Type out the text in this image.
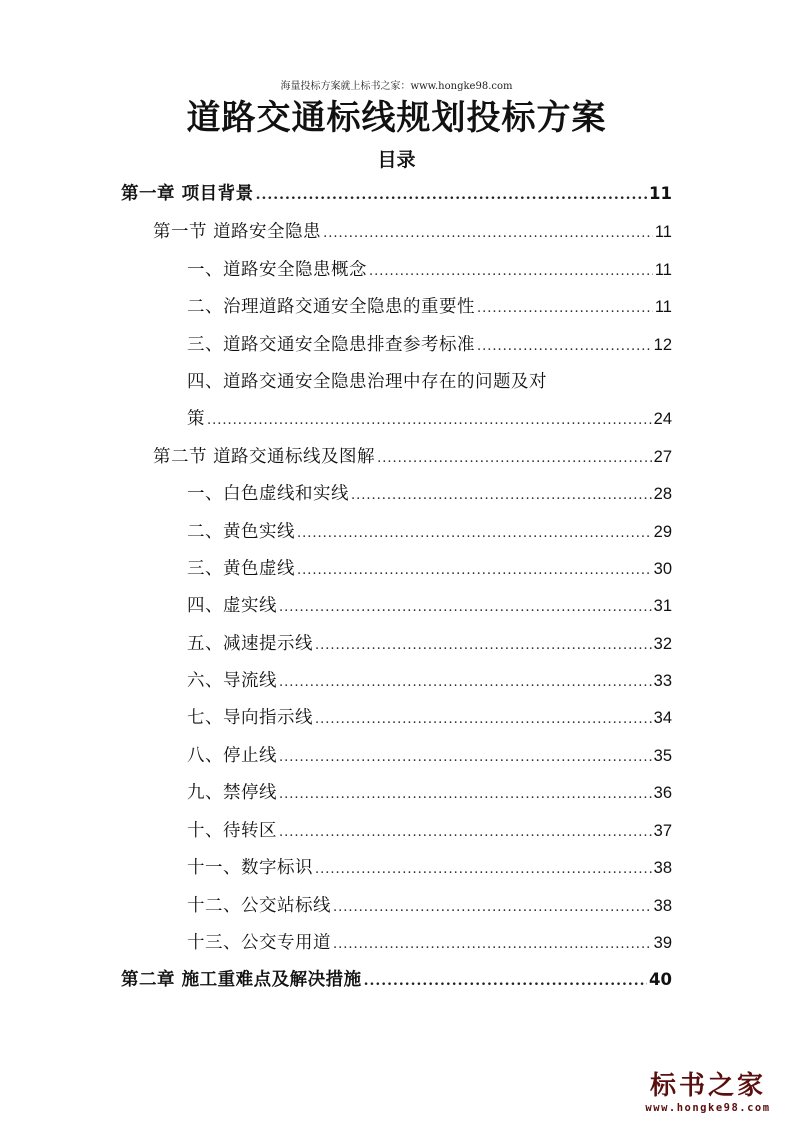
海量投标方案就上标书之家：www.hongke98.com
道路交通标线规划投标方案
目录
第一章 项目背景 .....	11
第一节 道路安全隐患 .....	11
一、道路安全隐患概念 .....	11
二、治理道路交通安全隐患的重要性 .....	11
三、道路交通安全隐患排查参考标准 .....	12
四、道路交通安全隐患治理中存在的问题及对
策 .....	24
第二节 道路交通标线及图解 .....	27
一、白色虚线和实线 .....	28
二、黄色实线 .....	29
三、黄色虚线 .....	30
四、虚实线 .....	31
五、减速提示线 .....	32
六、导流线 .....	33
七、导向指示线 .....	34
八、停止线 .....	35
九、禁停线 .....	36
十、待转区 .....	37
十一、数字标识 .....	38
十二、公交站标线 .....	38
十三、公交专用道 .....	39
第二章 施工重难点及解决措施 .....	40
标书之家
www.hongke98.com
